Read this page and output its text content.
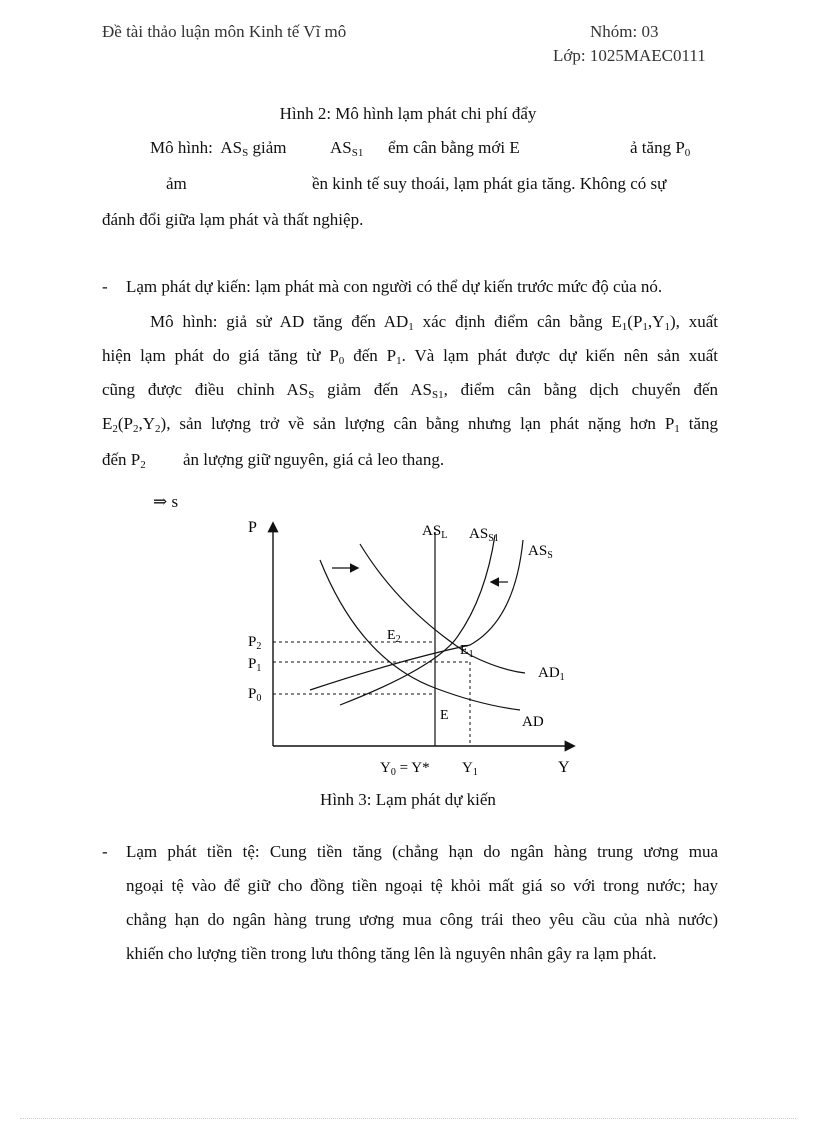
Đề tài thảo luận môn Kinh tế Vĩ mô	Nhóm: 03
Lớp: 1025MAEC0111
Hình 2: Mô hình lạm phát chi phí đẩy
Mô hình: $AS_S$ giảm	$AS_{S1}$ ểm cân bằng mới E	ả tăng $P_0$
ảm	ền kinh tế suy thoái, lạm phát gia tăng. Không có sự
đánh đổi giữa lạm phát và thất nghiệp.
- Lạm phát dự kiến: lạm phát mà con người có thể dự kiến trước mức độ của nó.
Mô hình: giả sử AD tăng đến $AD_1$ xác định điểm cân bằng $E_1(P_1,Y_1)$, xuất
hiện lạm phát do giá tăng từ $P_0$ đến $P_1$. Và lạm phát được dự kiến nên sản xuất
cũng được điều chỉnh $AS_S$ giảm đến $AS_{S1}$, điểm cân bằng dịch chuyển đến
$E_2(P_2,Y_2)$, sản lượng trở về sản lượng cân bằng nhưng lạn phát nặng hơn $P_1$ tăng
đến $P_2$ ản lượng giữ nguyên, giá cả leo thang.
⇒ s
P
Y
$AS_L$ $AS_{S1}$
$AS_S$
$AD_1$
AD
E
$E_1$
$E_2$
$P_2$
$P_1$
$P_0$
$Y_0 = Y*$ $Y_1$
Hình 3: Lạm phát dự kiến
- Lạm phát tiền tệ: Cung tiền tăng (chẳng hạn do ngân hàng trung ương mua
ngoại tệ vào để giữ cho đồng tiền ngoại tệ khỏi mất giá so với trong nước; hay
chẳng hạn do ngân hàng trung ương mua công trái theo yêu cầu của nhà nước)
khiến cho lượng tiền trong lưu thông tăng lên là nguyên nhân gây ra lạm phát.
